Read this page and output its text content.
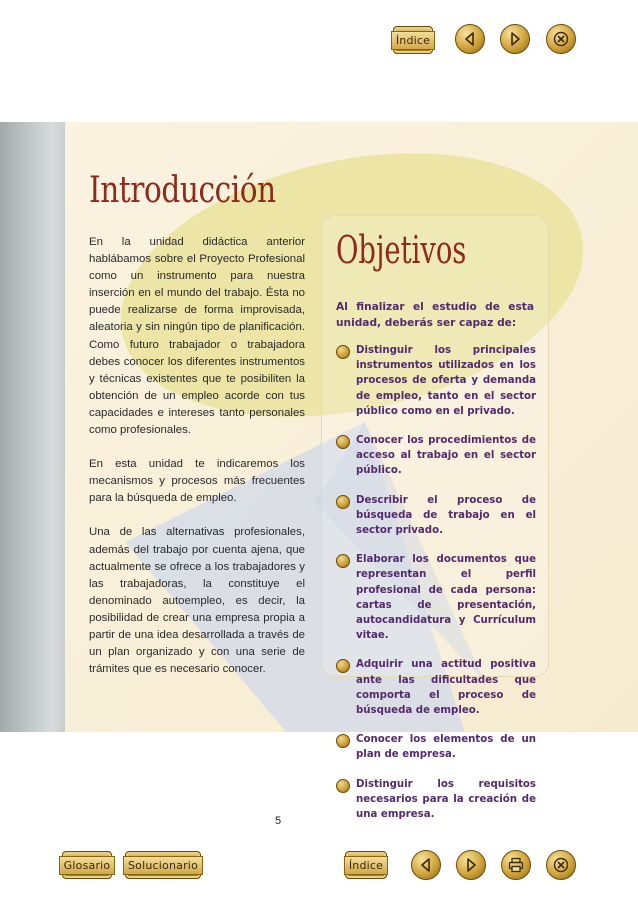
Índice
Introducción

En la unidad didáctica anterior hablábamos sobre el Proyecto Profesional como un instrumento para nuestra inserción en el mundo del trabajo. Ésta no puede realizarse de forma improvisada, aleatoria y sin ningún tipo de planificación. Como futuro trabajador o trabajadora debes conocer los diferentes instrumentos y técnicas existentes que te posibiliten la obtención de un empleo acorde con tus capacidades e intereses tanto personales como profesionales.

En esta unidad te indicaremos los mecanismos y procesos más frecuentes para la búsqueda de empleo.

Una de las alternativas profesionales, además del trabajo por cuenta ajena, que actualmente se ofrece a los trabajadores y las trabajadoras, la constituye el denominado autoempleo, es decir, la posibilidad de crear una empresa propia a partir de una idea desarrollada a través de un plan organizado y con una serie de trámites que es necesario conocer.

Objetivos

Al finalizar el estudio de esta unidad, deberás ser capaz de:

Distinguir los principales instrumentos utilizados en los procesos de oferta y demanda de empleo, tanto en el sector público como en el privado.
Conocer los procedimientos de acceso al trabajo en el sector público.
Describir el proceso de búsqueda de trabajo en el sector privado.
Elaborar los documentos que representan el perfil profesional de cada persona: cartas de presentación, autocandidatura y Currículum vitae.
Adquirir una actitud positiva ante las dificultades que comporta el proceso de búsqueda de empleo.
Conocer los elementos de un plan de empresa.
Distinguir los requisitos necesarios para la creación de una empresa.
5
Glosario	Solucionario	Índice
